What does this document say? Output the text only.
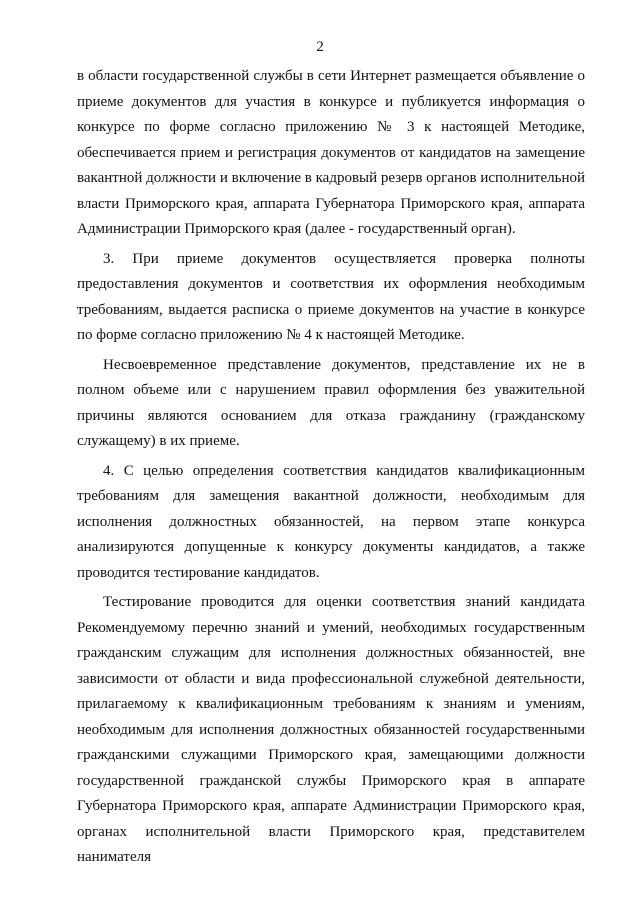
2

в области государственной службы в сети Интернет размещается объявление о приеме документов для участия в конкурсе и публикуется информация о конкурсе по форме согласно приложению № 3 к настоящей Методике, обеспечивается прием и регистрация документов от кандидатов на замещение вакантной должности и включение в кадровый резерв органов исполнительной власти Приморского края, аппарата Губернатора Приморского края, аппарата Администрации Приморского края (далее - государственный орган).

3. При приеме документов осуществляется проверка полноты предоставления документов и соответствия их оформления необходимым требованиям, выдается расписка о приеме документов на участие в конкурсе по форме согласно приложению № 4 к настоящей Методике.

Несвоевременное представление документов, представление их не в полном объеме или с нарушением правил оформления без уважительной причины являются основанием для отказа гражданину (гражданскому служащему) в их приеме.

4. С целью определения соответствия кандидатов квалификационным требованиям для замещения вакантной должности, необходимым для исполнения должностных обязанностей, на первом этапе конкурса анализируются допущенные к конкурсу документы кандидатов, а также проводится тестирование кандидатов.

Тестирование проводится для оценки соответствия знаний кандидата Рекомендуемому перечню знаний и умений, необходимых государственным гражданским служащим для исполнения должностных обязанностей, вне зависимости от области и вида профессиональной служебной деятельности, прилагаемому к квалификационным требованиям к знаниям и умениям, необходимым для исполнения должностных обязанностей государственными гражданскими служащими Приморского края, замещающими должности государственной гражданской службы Приморского края в аппарате Губернатора Приморского края, аппарате Администрации Приморского края, органах исполнительной власти Приморского края, представителем нанимателя
